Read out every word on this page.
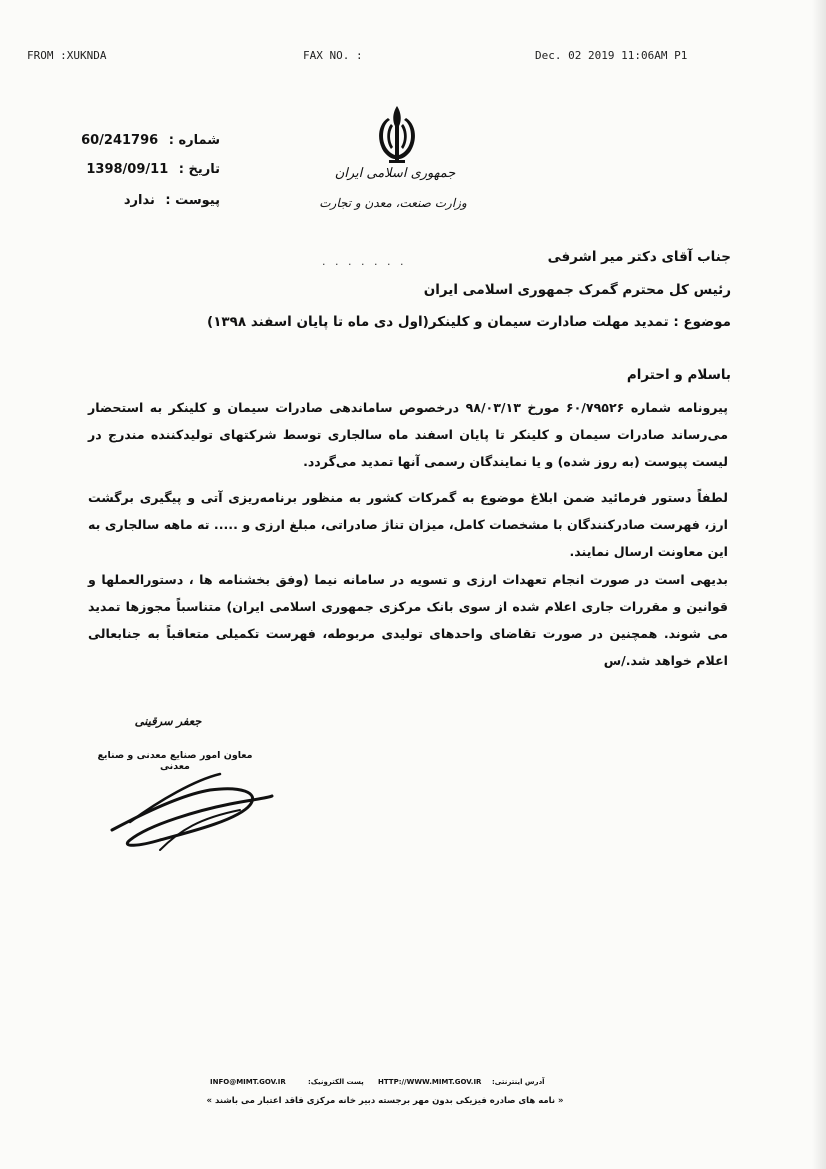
FROM :XUKNDA	FAX NO. :	Dec. 02 2019 11:06AM P1
جمهوری اسلامی ایران
وزارت صنعت، معدن و تجارت
شماره : 60/241796
تاریخ : 1398/09/11
پیوست : ندارد
· · · · · · ·	جناب آقای دکتر میر اشرفی
رئیس کل محترم گمرک جمهوری اسلامی ایران
موضوع : تمدید مهلت صادارت سیمان و کلینکر(اول دی ماه تا پایان اسفند ۱۳۹۸)
باسلام و احترام
پیرونامه شماره ۶۰/۷۹۵۲۶ مورخ ۹۸/۰۳/۱۳ درخصوص ساماندهی صادرات سیمان و کلینکر به استحضار می‌رساند صادرات سیمان و کلینکر تا پایان اسفند ماه سالجاری توسط شرکتهای تولیدکننده مندرج در لیست پیوست (به روز شده) و یا نمایندگان رسمی آنها تمدید می‌گردد.
لطفاً دستور فرمائید ضمن ابلاغ موضوع به گمرکات کشور به منظور برنامه‌ریزی آتی و پیگیری برگشت ارز، فهرست صادرکنندگان با مشخصات کامل، میزان تناژ صادراتی، مبلغ ارزی و ..... ته ماهه سالجاری به این معاونت ارسال نمایند.
بدیهی است در صورت انجام تعهدات ارزی و تسویه در سامانه نیما (وفق بخشنامه ها ، دستورالعملها و قوانین و مقررات جاری اعلام شده از سوی بانک مرکزی جمهوری اسلامی ایران) متناسباً مجوزها تمدید می شوند. همچنین در صورت تقاضای واحدهای تولیدی مربوطه، فهرست تکمیلی متعاقباً به جنابعالی اعلام خواهد شد./س
جعفر سرقینی
معاون امور صنایع معدنی و صنایع معدنی
INFO@MIMT.GOV.IR	پست الکترونیک: HTTP://WWW.MIMT.GOV.IR آدرس اینترنتی:
« نامه های صادره فیزیکی بدون مهر برجسته دبیر خانه مرکزی فاقد اعتبار می باشند »
